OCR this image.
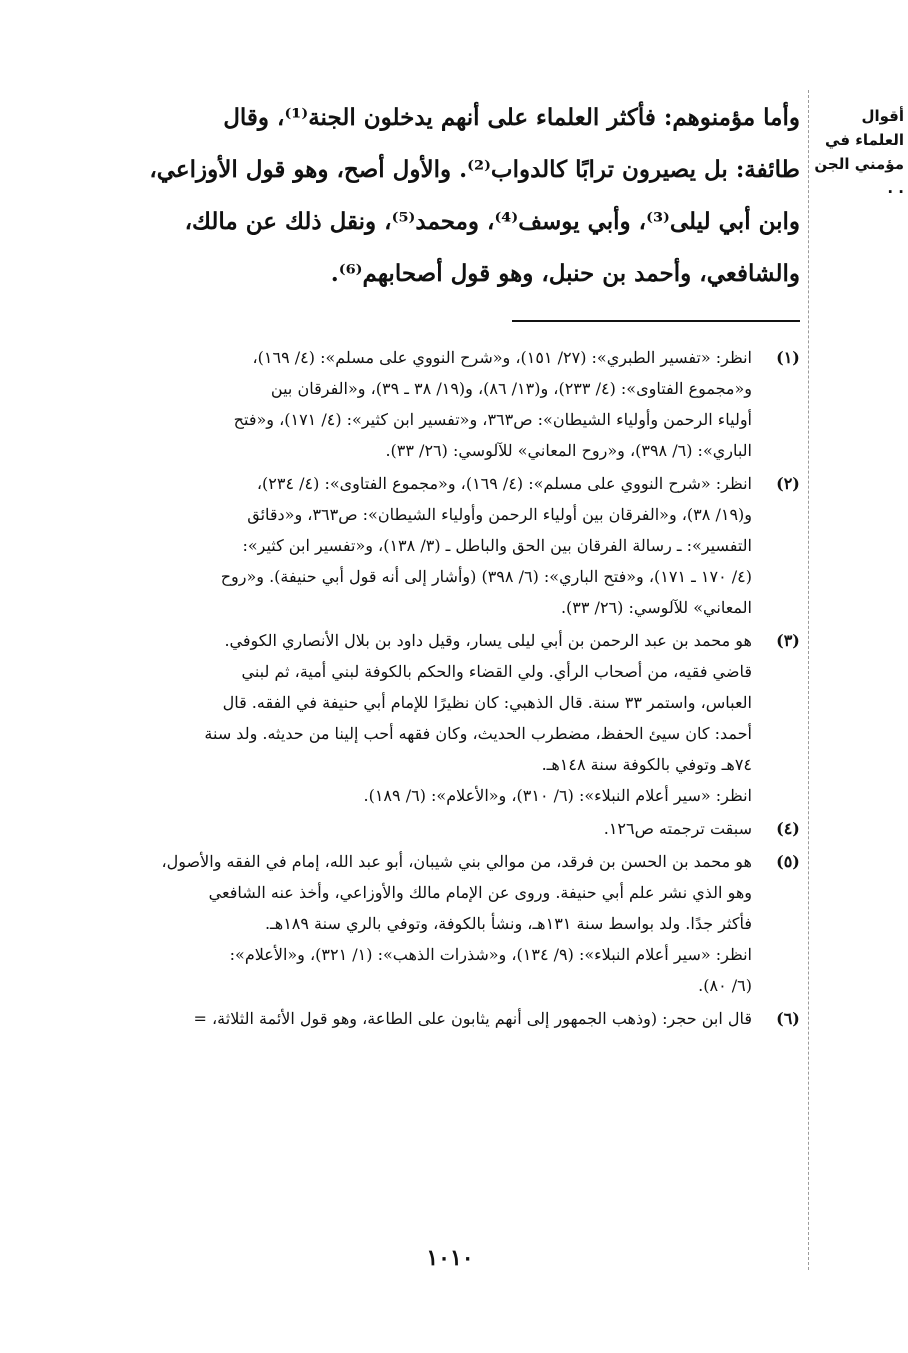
أقوال العلماء في
مؤمني الجن . .
وأما مؤمنوهم: فأكثر العلماء على أنهم يدخلون الجنة⁽¹⁾، وقال
طائفة: بل يصيرون ترابًا كالدواب⁽²⁾. والأول أصح، وهو قول الأوزاعي،
وابن أبي ليلى⁽³⁾، وأبي يوسف⁽⁴⁾، ومحمد⁽⁵⁾، ونقل ذلك عن مالك،
والشافعي، وأحمد بن حنبل، وهو قول أصحابهم⁽⁶⁾.
(١)
انظر: «تفسير الطبري»: (٢٧/ ١٥١)، و«شرح النووي على مسلم»: (٤/ ١٦٩)،
و«مجموع الفتاوى»: (٤/ ٢٣٣)، و(١٣/ ٨٦)، و(١٩/ ٣٨ ـ ٣٩)، و«الفرقان بين
أولياء الرحمن وأولياء الشيطان»: ص٣٦٣، و«تفسير ابن كثير»: (٤/ ١٧١)، و«فتح
الباري»: (٦/ ٣٩٨)، و«روح المعاني» للآلوسي: (٢٦/ ٣٣).
(٢)
انظر: «شرح النووي على مسلم»: (٤/ ١٦٩)، و«مجموع الفتاوى»: (٤/ ٢٣٤)،
و(١٩/ ٣٨)، و«الفرقان بين أولياء الرحمن وأولياء الشيطان»: ص٣٦٣، و«دقائق
التفسير»: ـ رسالة الفرقان بين الحق والباطل ـ (٣/ ١٣٨)، و«تفسير ابن كثير»:
(٤/ ١٧٠ ـ ١٧١)، و«فتح الباري»: (٦/ ٣٩٨) (وأشار إلى أنه قول أبي حنيفة). و«روح
المعاني» للآلوسي: (٢٦/ ٣٣).
(٣)
هو محمد بن عبد الرحمن بن أبي ليلى يسار، وقيل داود بن بلال الأنصاري الكوفي.
قاضي فقيه، من أصحاب الرأي. ولي القضاء والحكم بالكوفة لبني أمية، ثم لبني
العباس، واستمر ٣٣ سنة. قال الذهبي: كان نظيرًا للإمام أبي حنيفة في الفقه. قال
أحمد: كان سيئ الحفظ، مضطرب الحديث، وكان فقهه أحب إلينا من حديثه. ولد سنة
٧٤هـ وتوفي بالكوفة سنة ١٤٨هـ.
انظر: «سير أعلام النبلاء»: (٦/ ٣١٠)، و«الأعلام»: (٦/ ١٨٩).
(٤)
سبقت ترجمته ص١٢٦.
(٥)
هو محمد بن الحسن بن فرقد، من موالي بني شيبان، أبو عبد الله، إمام في الفقه والأصول،
وهو الذي نشر علم أبي حنيفة. وروى عن الإمام مالك والأوزاعي، وأخذ عنه الشافعي
فأكثر جدًا. ولد بواسط سنة ١٣١هـ، ونشأ بالكوفة، وتوفي بالري سنة ١٨٩هـ.
انظر: «سير أعلام النبلاء»: (٩/ ١٣٤)، و«شذرات الذهب»: (١/ ٣٢١)، و«الأعلام»:
(٦/ ٨٠).
(٦)
قال ابن حجر: (وذهب الجمهور إلى أنهم يثابون على الطاعة، وهو قول الأئمة الثلاثة، =
١٠١٠
